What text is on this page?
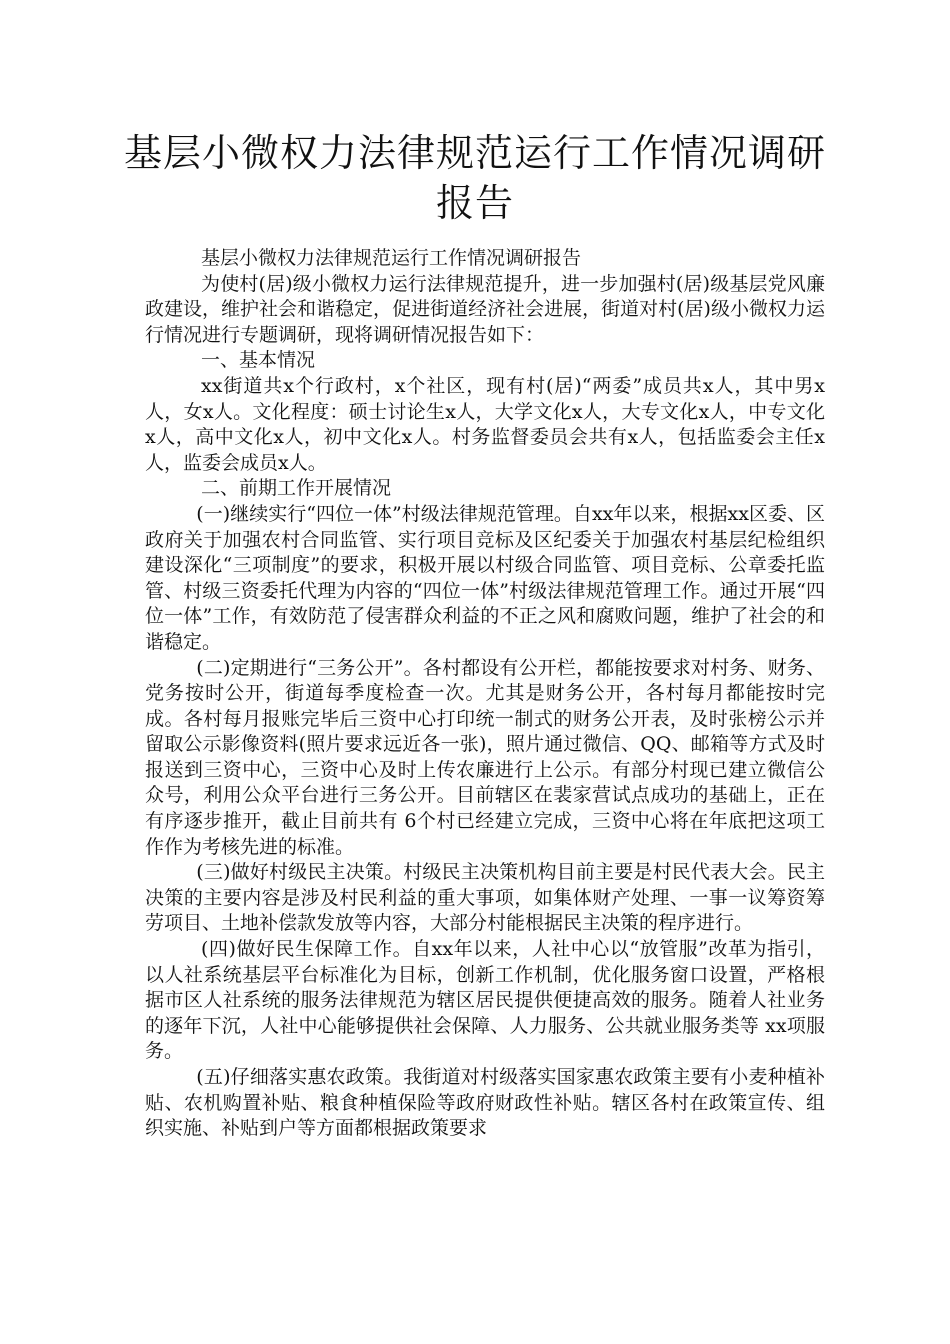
基层小微权力法律规范运行工作情况调研
报告

基层小微权力法律规范运行工作情况调研报告

为使村(居)级小微权力运行法律规范提升，进一步加强村(居)级基层党风廉政建设，维护社会和谐稳定，促进街道经济社会进展，街道对村(居)级小微权力运行情况进行专题调研，现将调研情况报告如下：

一、基本情况

xx街道共x个行政村，x个社区，现有村(居)“两委”成员共x人，其中男x人，女x人。文化程度：硕士讨论生x人，大学文化x人，大专文化x人，中专文化x人，高中文化x人，初中文化x人。村务监督委员会共有x人，包括监委会主任x人，监委会成员x人。

二、前期工作开展情况

(一)继续实行“四位一体”村级法律规范管理。自xx年以来，根据xx区委、区政府关于加强农村合同监管、实行项目竞标及区纪委关于加强农村基层纪检组织建设深化“三项制度”的要求，积极开展以村级合同监管、项目竞标、公章委托监管、村级三资委托代理为内容的“四位一体”村级法律规范管理工作。通过开展“四位一体”工作，有效防范了侵害群众利益的不正之风和腐败问题，维护了社会的和谐稳定。

(二)定期进行“三务公开”。各村都设有公开栏，都能按要求对村务、财务、党务按时公开，街道每季度检查一次。尤其是财务公开，各村每月都能按时完成。各村每月报账完毕后三资中心打印统一制式的财务公开表，及时张榜公示并留取公示影像资料(照片要求远近各一张)，照片通过微信、QQ、邮箱等方式及时报送到三资中心，三资中心及时上传农廉进行上公示。有部分村现已建立微信公众号，利用公众平台进行三务公开。目前辖区在裴家营试点成功的基础上，正在有序逐步推开，截止目前共有 6个村已经建立完成，三资中心将在年底把这项工作作为考核先进的标准。

(三)做好村级民主决策。村级民主决策机构目前主要是村民代表大会。民主决策的主要内容是涉及村民利益的重大事项，如集体财产处理、一事一议筹资筹劳项目、土地补偿款发放等内容，大部分村能根据民主决策的程序进行。

(四)做好民生保障工作。自xx年以来，人社中心以“放管服”改革为指引，以人社系统基层平台标准化为目标，创新工作机制，优化服务窗口设置，严格根据市区人社系统的服务法律规范为辖区居民提供便捷高效的服务。随着人社业务的逐年下沉，人社中心能够提供社会保障、人力服务、公共就业服务类等 xx项服务。

(五)仔细落实惠农政策。我街道对村级落实国家惠农政策主要有小麦种植补贴、农机购置补贴、粮食种植保险等政府财政性补贴。辖区各村在政策宣传、组织实施、补贴到户等方面都根据政策要求
